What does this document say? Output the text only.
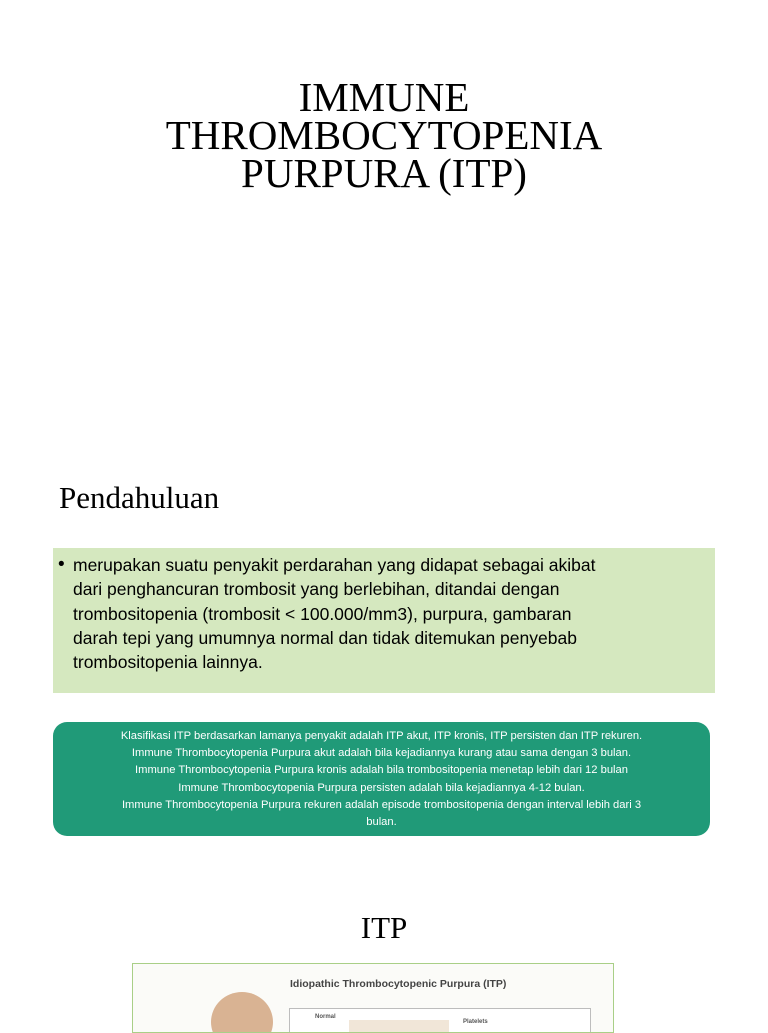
IMMUNE
THROMBOCYTOPENIA
PURPURA (ITP)
Pendahuluan
• merupakan suatu penyakit perdarahan yang didapat sebagai akibat
dari penghancuran trombosit yang berlebihan, ditandai dengan
trombositopenia (trombosit < 100.000/mm3), purpura, gambaran
darah tepi yang umumnya normal dan tidak ditemukan penyebab
trombositopenia lainnya.
Klasifikasi ITP berdasarkan lamanya penyakit adalah ITP akut, ITP kronis, ITP persisten dan ITP rekuren.
Immune Thrombocytopenia Purpura akut adalah bila kejadiannya kurang atau sama dengan 3 bulan.
Immune Thrombocytopenia Purpura kronis adalah bila trombositopenia menetap lebih dari 12 bulan
Immune Thrombocytopenia Purpura persisten adalah bila kejadiannya 4-12 bulan.
Immune Thrombocytopenia Purpura rekuren adalah episode trombositopenia dengan interval lebih dari 3
bulan.
ITP
Idiopathic Thrombocytopenic Purpura (ITP)
Normal
Platelets
